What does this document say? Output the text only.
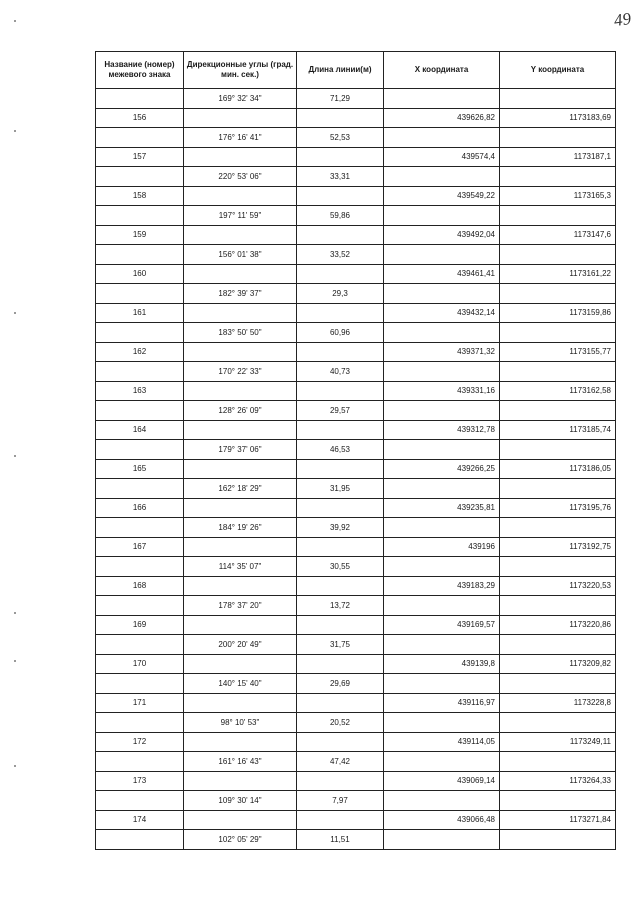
49
Название (номер) межевого знака	Дирекционные углы (град. мин. сек.)	Длина линии(м)	X координата	Y координата
	169° 32' 34"	71,29		
156			439626,82	1173183,69
	176° 16' 41"	52,53		
157			439574,4	1173187,1
	220° 53' 06"	33,31		
158			439549,22	1173165,3
	197° 11' 59"	59,86		
159			439492,04	1173147,6
	156° 01' 38"	33,52		
160			439461,41	1173161,22
	182° 39' 37"	29,3		
161			439432,14	1173159,86
	183° 50' 50"	60,96		
162			439371,32	1173155,77
	170° 22' 33"	40,73		
163			439331,16	1173162,58
	128° 26' 09"	29,57		
164			439312,78	1173185,74
	179° 37' 06"	46,53		
165			439266,25	1173186,05
	162° 18' 29"	31,95		
166			439235,81	1173195,76
	184° 19' 26"	39,92		
167			439196	1173192,75
	114° 35' 07"	30,55		
168			439183,29	1173220,53
	178° 37' 20"	13,72		
169			439169,57	1173220,86
	200° 20' 49"	31,75		
170			439139,8	1173209,82
	140° 15' 40"	29,69		
171			439116,97	1173228,8
	98° 10' 53"	20,52		
172			439114,05	1173249,11
	161° 16' 43"	47,42		
173			439069,14	1173264,33
	109° 30' 14"	7,97		
174			439066,48	1173271,84
	102° 05' 29"	11,51		
